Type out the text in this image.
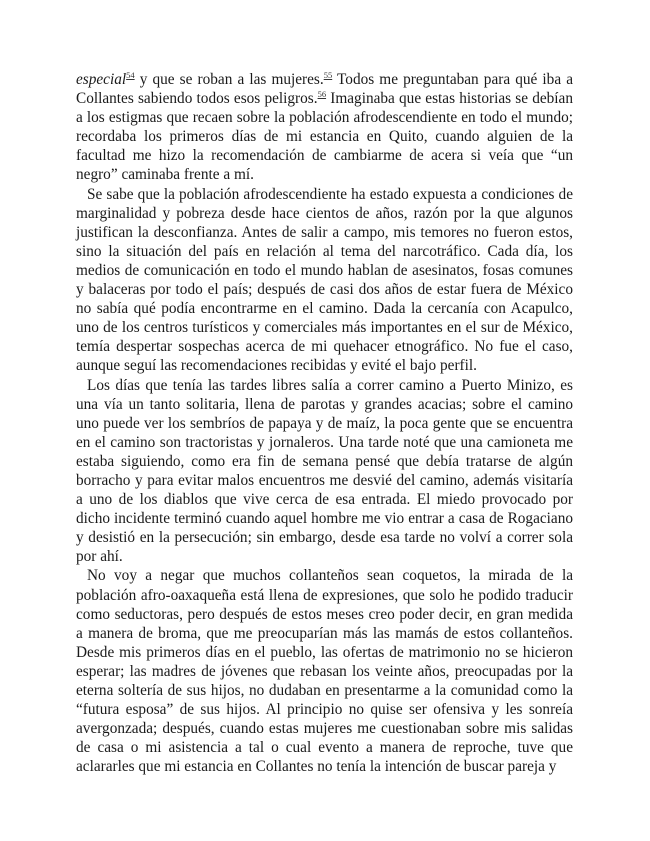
especial$^{54}$ y que se roban a las mujeres.$^{55}$ Todos me preguntaban para qué iba a Collantes sabiendo todos esos peligros.$^{56}$ Imaginaba que estas historias se debían a los estigmas que recaen sobre la población afrodescendiente en todo el mundo; recordaba los primeros días de mi estancia en Quito, cuando alguien de la facultad me hizo la recomendación de cambiarme de acera si veía que “un negro” caminaba frente a mí.

Se sabe que la población afrodescendiente ha estado expuesta a condiciones de marginalidad y pobreza desde hace cientos de años, razón por la que algunos justifican la desconfianza. Antes de salir a campo, mis temores no fueron estos, sino la situación del país en relación al tema del narcotráfico. Cada día, los medios de comunicación en todo el mundo hablan de asesinatos, fosas comunes y balaceras por todo el país; después de casi dos años de estar fuera de México no sabía qué podía encontrarme en el camino. Dada la cercanía con Acapulco, uno de los centros turísticos y comerciales más importantes en el sur de México, temía despertar sospechas acerca de mi quehacer etnográfico. No fue el caso, aunque seguí las recomendaciones recibidas y evité el bajo perfil.

Los días que tenía las tardes libres salía a correr camino a Puerto Minizo, es una vía un tanto solitaria, llena de parotas y grandes acacias; sobre el camino uno puede ver los sembríos de papaya y de maíz, la poca gente que se encuentra en el camino son tractoristas y jornaleros. Una tarde noté que una camioneta me estaba siguiendo, como era fin de semana pensé que debía tratarse de algún borracho y para evitar malos encuentros me desvié del camino, además visitaría a uno de los diablos que vive cerca de esa entrada. El miedo provocado por dicho incidente terminó cuando aquel hombre me vio entrar a casa de Rogaciano y desistió en la persecución; sin embargo, desde esa tarde no volví a correr sola por ahí.

No voy a negar que muchos collanteños sean coquetos, la mirada de la población afro-oaxaqueña está llena de expresiones, que solo he podido traducir como seductoras, pero después de estos meses creo poder decir, en gran medida a manera de broma, que me preocuparían más las mamás de estos collanteños. Desde mis primeros días en el pueblo, las ofertas de matrimonio no se hicieron esperar; las madres de jóvenes que rebasan los veinte años, preocupadas por la eterna soltería de sus hijos, no dudaban en presentarme a la comunidad como la “futura esposa” de sus hijos. Al principio no quise ser ofensiva y les sonreía avergonzada; después, cuando estas mujeres me cuestionaban sobre mis salidas de casa o mi asistencia a tal o cual evento a manera de reproche, tuve que aclararles que mi estancia en Collantes no tenía la intención de buscar pareja y
